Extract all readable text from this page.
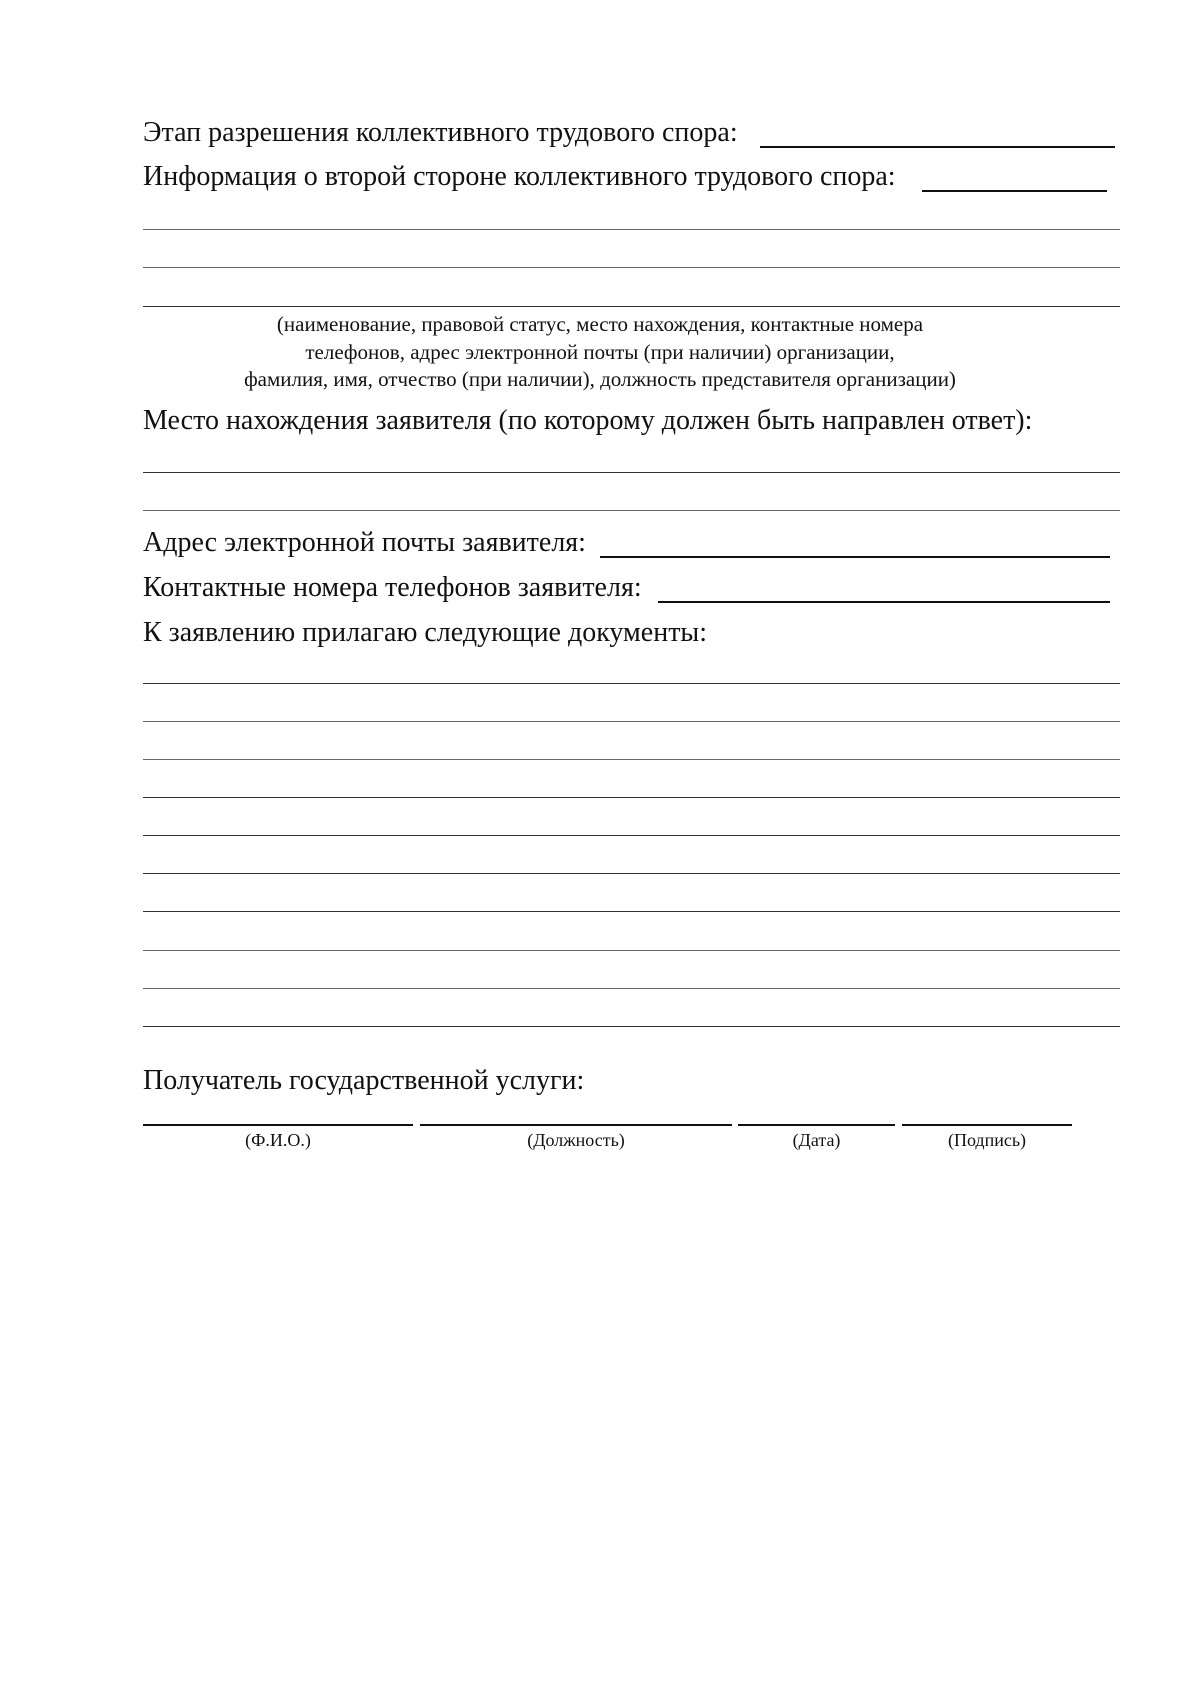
Этап разрешения коллективного трудового спора:
Информация о второй стороне коллективного трудового спора:
(наименование, правовой статус, место нахождения, контактные номера
телефонов, адрес электронной почты (при наличии) организации,
фамилия, имя, отчество (при наличии), должность представителя организации)
Место нахождения заявителя (по которому должен быть направлен ответ):
Адрес электронной почты заявителя:
Контактные номера телефонов заявителя:
К заявлению прилагаю следующие документы:
Получатель государственной услуги:
(Ф.И.О.)	(Должность)	(Дата)	(Подпись)
